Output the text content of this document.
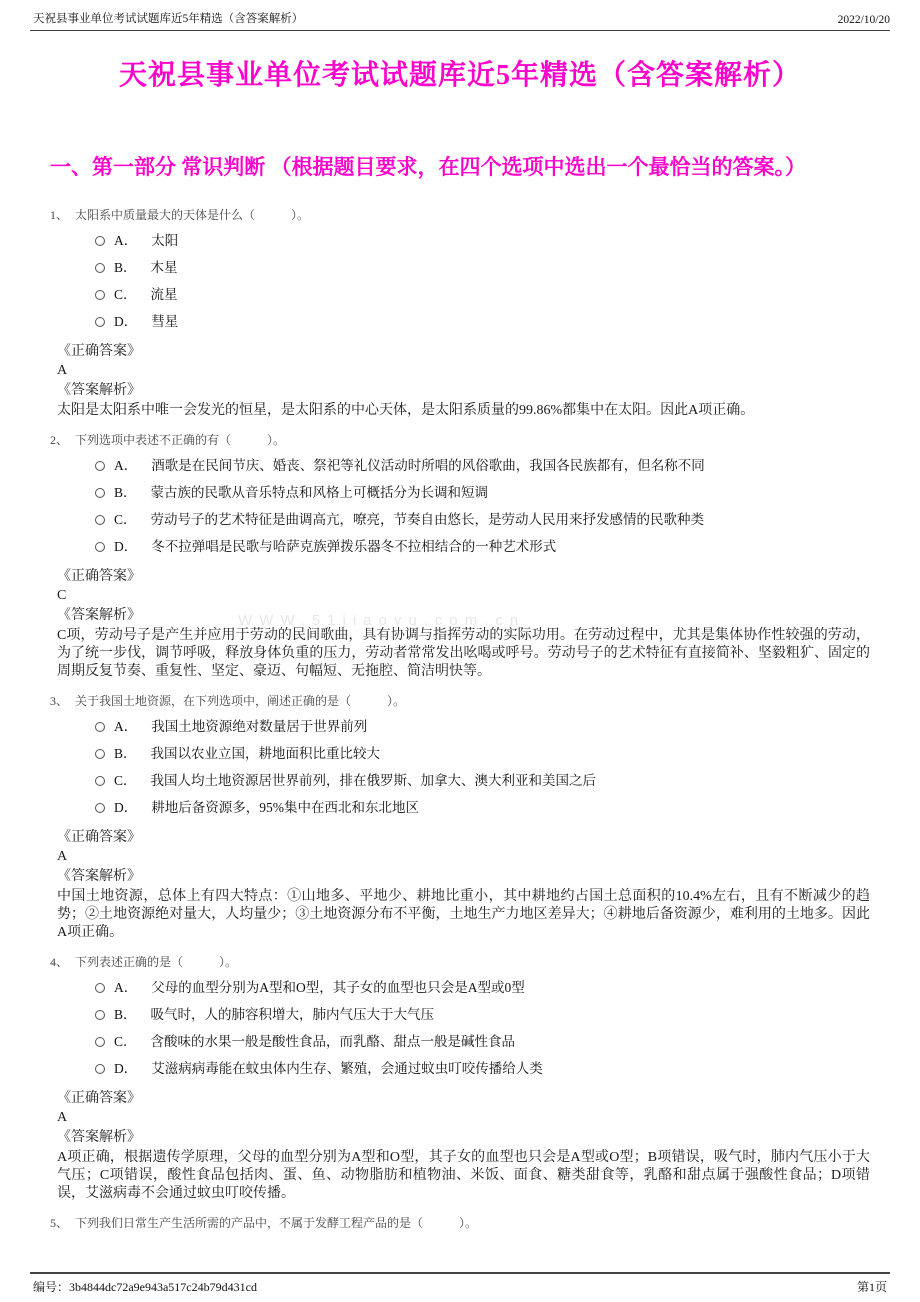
天祝县事业单位考试试题库近5年精选（含答案解析）	2022/10/20
天祝县事业单位考试试题库近5年精选（含答案解析）
一、第一部分 常识判断 （根据题目要求，在四个选项中选出一个最恰当的答案。）
WWW.51jiaoyu.com.cn

1、 太阳系中质量最大的天体是什么（　　　）。

A． 太阳
B． 木星
C． 流星
D． 彗星

《正确答案》

A

《答案解析》

太阳是太阳系中唯一会发光的恒星，是太阳系的中心天体，是太阳系质量的99.86%都集中在太阳。因此A项正确。

2、 下列选项中表述不正确的有（　　　）。

A． 酒歌是在民间节庆、婚丧、祭祀等礼仪活动时所唱的风俗歌曲，我国各民族都有，但名称不同
B． 蒙古族的民歌从音乐特点和风格上可概括分为长调和短调
C． 劳动号子的艺术特征是曲调高亢，嘹亮，节奏自由悠长，是劳动人民用来抒发感情的民歌种类
D． 冬不拉弹唱是民歌与哈萨克族弹拨乐器冬不拉相结合的一种艺术形式

《正确答案》

C

《答案解析》

C项，劳动号子是产生并应用于劳动的民间歌曲，具有协调与指挥劳动的实际功用。在劳动过程中，尤其是集体协作性较强的劳动，为了统一步伐，调节呼吸，释放身体负重的压力，劳动者常常发出吆喝或呼号。劳动号子的艺术特征有直接简补、坚毅粗犷、固定的周期反复节奏、重复性、坚定、豪迈、句幅短、无拖腔、简洁明快等。

3、 关于我国土地资源，在下列选项中，阐述正确的是（　　　）。

A． 我国土地资源绝对数量居于世界前列
B． 我国以农业立国，耕地面积比重比较大
C． 我国人均土地资源居世界前列，排在俄罗斯、加拿大、澳大利亚和美国之后
D． 耕地后备资源多，95%集中在西北和东北地区

《正确答案》

A

《答案解析》

中国土地资源，总体上有四大特点：①山地多、平地少、耕地比重小，其中耕地约占国土总面积的10.4%左右，且有不断减少的趋势；②土地资源绝对量大，人均量少；③土地资源分布不平衡，土地生产力地区差异大；④耕地后备资源少，难利用的土地多。因此A项正确。

4、 下列表述正确的是（　　　）。

A． 父母的血型分别为A型和O型，其子女的血型也只会是A型或0型
B． 吸气时，人的肺容积增大，肺内气压大于大气压
C． 含酸味的水果一般是酸性食品，而乳酪、甜点一般是碱性食品
D． 艾滋病病毒能在蚊虫体内生存、繁殖，会通过蚊虫叮咬传播给人类

《正确答案》

A

《答案解析》

A项正确，根据遗传学原理，父母的血型分别为A型和O型，其子女的血型也只会是A型或O型；B项错误，吸气时，肺内气压小于大气压；C项错误，酸性食品包括肉、蛋、鱼、动物脂肪和植物油、米饭、面食、糖类甜食等，乳酪和甜点属于强酸性食品；D项错误，艾滋病毒不会通过蚊虫叮咬传播。

5、 下列我们日常生产生活所需的产品中，不属于发酵工程产品的是（　　　）。

编号：3b4844dc72a9e943a517c24b79d431cd	第1页
